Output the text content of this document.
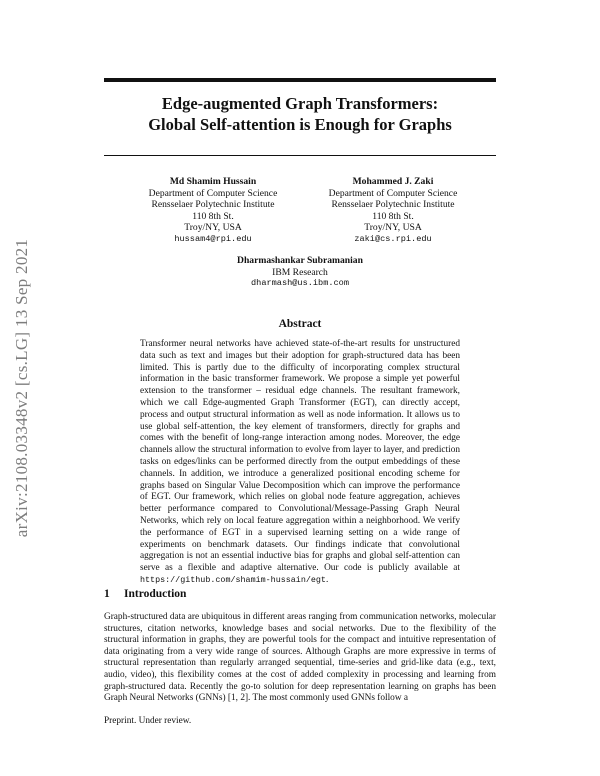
arXiv:2108.03348v2 [cs.LG] 13 Sep 2021
Edge-augmented Graph Transformers:
Global Self-attention is Enough for Graphs
Md Shamim Hussain
Department of Computer Science
Rensselaer Polytechnic Institute
110 8th St.
Troy/NY, USA
hussam4@rpi.edu
Mohammed J. Zaki
Department of Computer Science
Rensselaer Polytechnic Institute
110 8th St.
Troy/NY, USA
zaki@cs.rpi.edu
Dharmashankar Subramanian
IBM Research
dharmash@us.ibm.com
Abstract
Transformer neural networks have achieved state-of-the-art results for unstructured data such as text and images but their adoption for graph-structured data has been limited. This is partly due to the difficulty of incorporating complex structural information in the basic transformer framework. We propose a simple yet powerful extension to the transformer – residual edge channels. The resultant framework, which we call Edge-augmented Graph Transformer (EGT), can directly accept, process and output structural information as well as node information. It allows us to use global self-attention, the key element of transformers, directly for graphs and comes with the benefit of long-range interaction among nodes. Moreover, the edge channels allow the structural information to evolve from layer to layer, and prediction tasks on edges/links can be performed directly from the output embeddings of these channels. In addition, we introduce a generalized positional encoding scheme for graphs based on Singular Value Decomposition which can improve the performance of EGT. Our framework, which relies on global node feature aggregation, achieves better performance compared to Convolutional/Message-Passing Graph Neural Networks, which rely on local feature aggregation within a neighborhood. We verify the performance of EGT in a supervised learning setting on a wide range of experiments on benchmark datasets. Our findings indicate that convolutional aggregation is not an essential inductive bias for graphs and global self-attention can serve as a flexible and adaptive alternative. Our code is publicly available at https://github.com/shamim-hussain/egt.
1 Introduction
Graph-structured data are ubiquitous in different areas ranging from communication networks, molecular structures, citation networks, knowledge bases and social networks. Due to the flexibility of the structural information in graphs, they are powerful tools for the compact and intuitive representation of data originating from a very wide range of sources. Although Graphs are more expressive in terms of structural representation than regularly arranged sequential, time-series and grid-like data (e.g., text, audio, video), this flexibility comes at the cost of added complexity in processing and learning from graph-structured data. Recently the go-to solution for deep representation learning on graphs has been Graph Neural Networks (GNNs) [1, 2]. The most commonly used GNNs follow a
Preprint. Under review.
